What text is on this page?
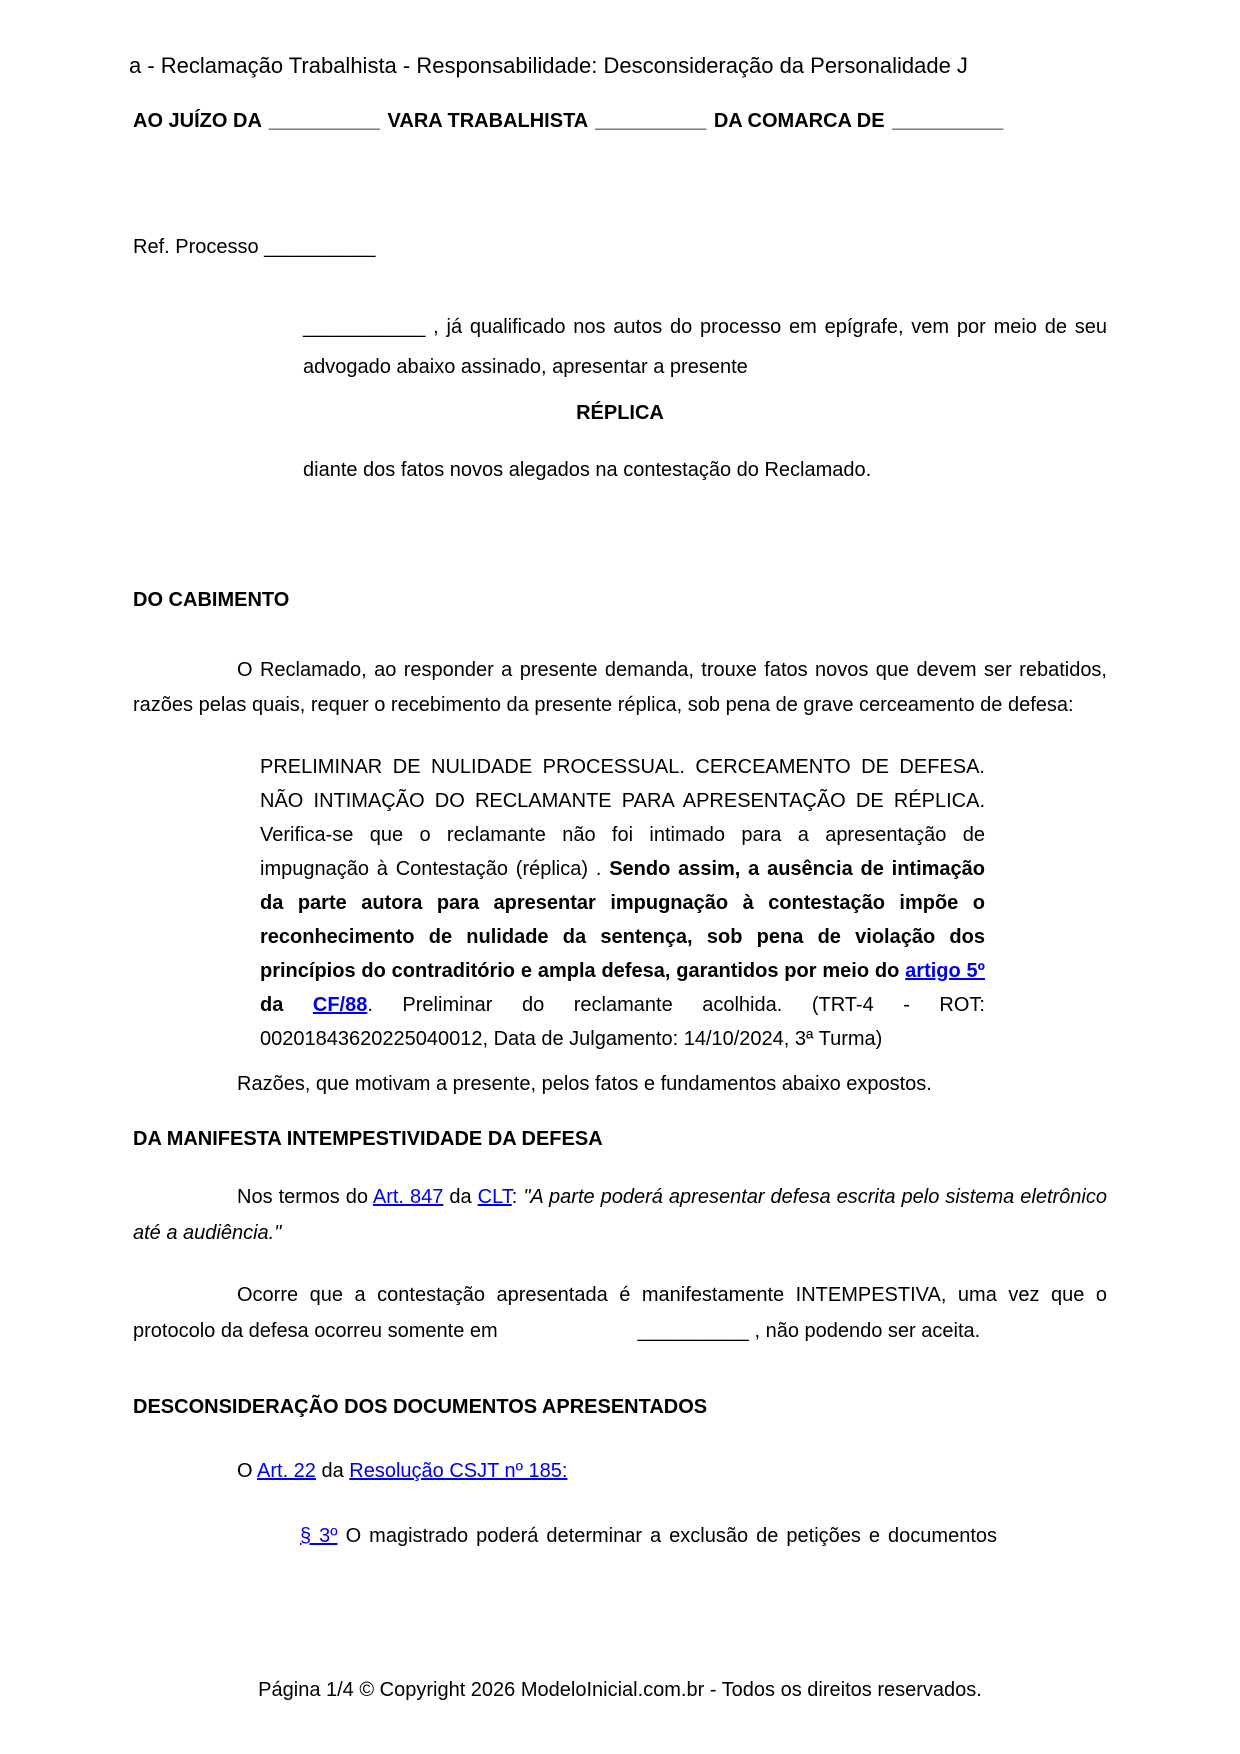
a - Reclamação Trabalhista - Responsabilidade: Desconsideração da Personalidade J

AO JUÍZO DA __________ VARA TRABALHISTA __________ DA COMARCA DE __________

Ref. Processo __________

___________ , já qualificado nos autos do processo em epígrafe, vem por meio de seu advogado abaixo assinado, apresentar a presente

RÉPLICA

diante dos fatos novos alegados na contestação do Reclamado.

DO CABIMENTO

O Reclamado, ao responder a presente demanda, trouxe fatos novos que devem ser rebatidos, razões pelas quais, requer o recebimento da presente réplica, sob pena de grave cerceamento de defesa:

PRELIMINAR DE NULIDADE PROCESSUAL. CERCEAMENTO DE DEFESA. NÃO INTIMAÇÃO DO RECLAMANTE PARA APRESENTAÇÃO DE RÉPLICA. Verifica-se que o reclamante não foi intimado para a apresentação de impugnação à Contestação (réplica) . Sendo assim, a ausência de intimação da parte autora para apresentar impugnação à contestação impõe o reconhecimento de nulidade da sentença, sob pena de violação dos princípios do contraditório e ampla defesa, garantidos por meio do artigo 5º da CF/88. Preliminar do reclamante acolhida. (TRT-4 - ROT: 00201843620225040012, Data de Julgamento: 14/10/2024, 3ª Turma)

Razões, que motivam a presente, pelos fatos e fundamentos abaixo expostos.

DA MANIFESTA INTEMPESTIVIDADE DA DEFESA

Nos termos do Art. 847 da CLT: "A parte poderá apresentar defesa escrita pelo sistema eletrônico até a audiência."

Ocorre que a contestação apresentada é manifestamente INTEMPESTIVA, uma vez que o protocolo da defesa ocorreu somente em	__________ , não podendo ser aceita.

DESCONSIDERAÇÃO DOS DOCUMENTOS APRESENTADOS

O Art. 22 da Resolução CSJT nº 185:

§ 3º O magistrado poderá determinar a exclusão de petições e documentos

Página 1/4 © Copyright 2026 ModeloInicial.com.br - Todos os direitos reservados.
